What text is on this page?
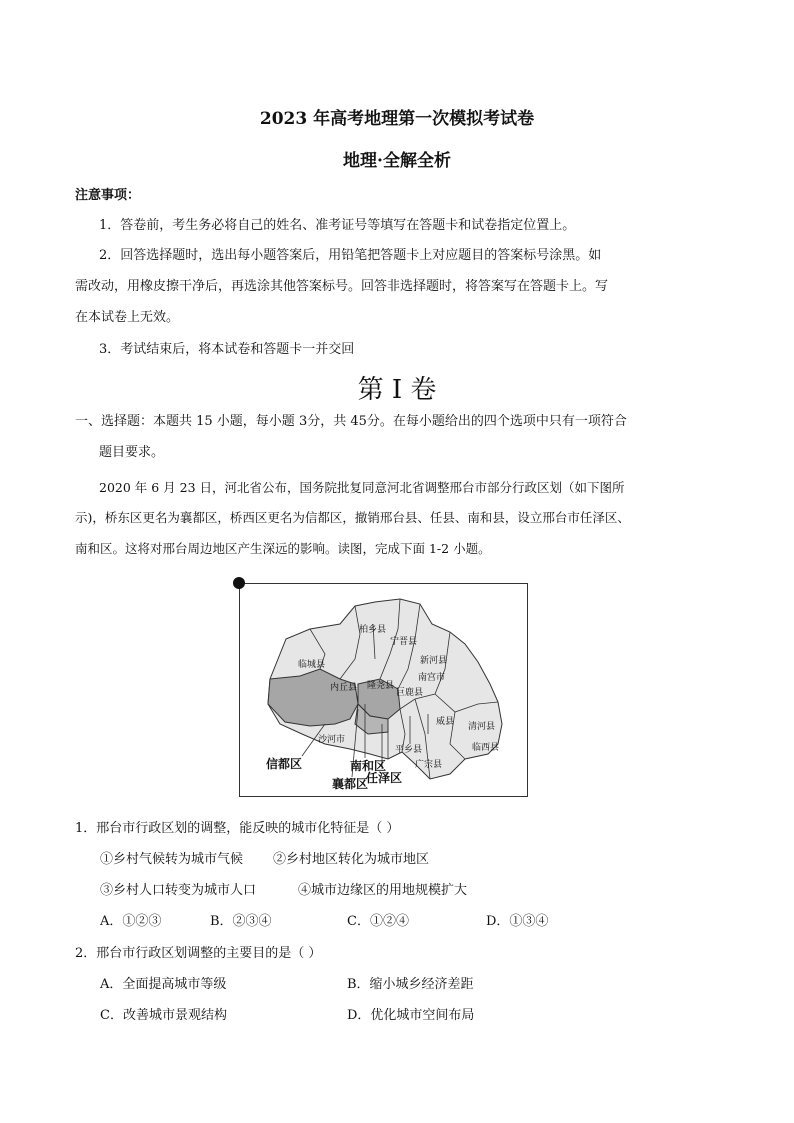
2023 年高考地理第一次模拟考试卷
地理·全解全析
注意事项：
1．答卷前，考生务必将自己的姓名、准考证号等填写在答题卡和试卷指定位置上。
2．回答选择题时，选出每小题答案后，用铅笔把答题卡上对应题目的答案标号涂黑。如
需改动，用橡皮擦干净后，再选涂其他答案标号。回答非选择题时，将答案写在答题卡上。写
在本试卷上无效。
3．考试结束后，将本试卷和答题卡一并交回
第 I 卷
一、选择题：本题共 15 小题，每小题 3分，共 45分。在每小题给出的四个选项中只有一项符合
题目要求。
2020 年 6 月 23 日，河北省公布，国务院批复同意河北省调整邢台市部分行政区划（如下图所
示)，桥东区更名为襄都区，桥西区更名为信都区，撤销邢台县、任县、南和县，设立邢台市任泽区、
南和区。这将对邢台周边地区产生深远的影响。读图，完成下面 1-2 小题。
柏乡县
宁晋县
临城县	新河县
隆尧县
南宫市
内丘县	巨鹿县
威县 清河县
沙河市
平乡县	临西县
广宗县
信都区	南和区
任泽区
襄都区
1．邢台市行政区划的调整，能反映的城市化特征是（ ）
①乡村气候转为城市气候 ②乡村地区转化为城市地区
③乡村人口转变为城市人口	④城市边缘区的用地规模扩大
A．①②③	B．②③④	C．①②④	D．①③④
2．邢台市行政区划调整的主要目的是（ ）
A．全面提高城市等级	B．缩小城乡经济差距
C．改善城市景观结构	D．优化城市空间布局
